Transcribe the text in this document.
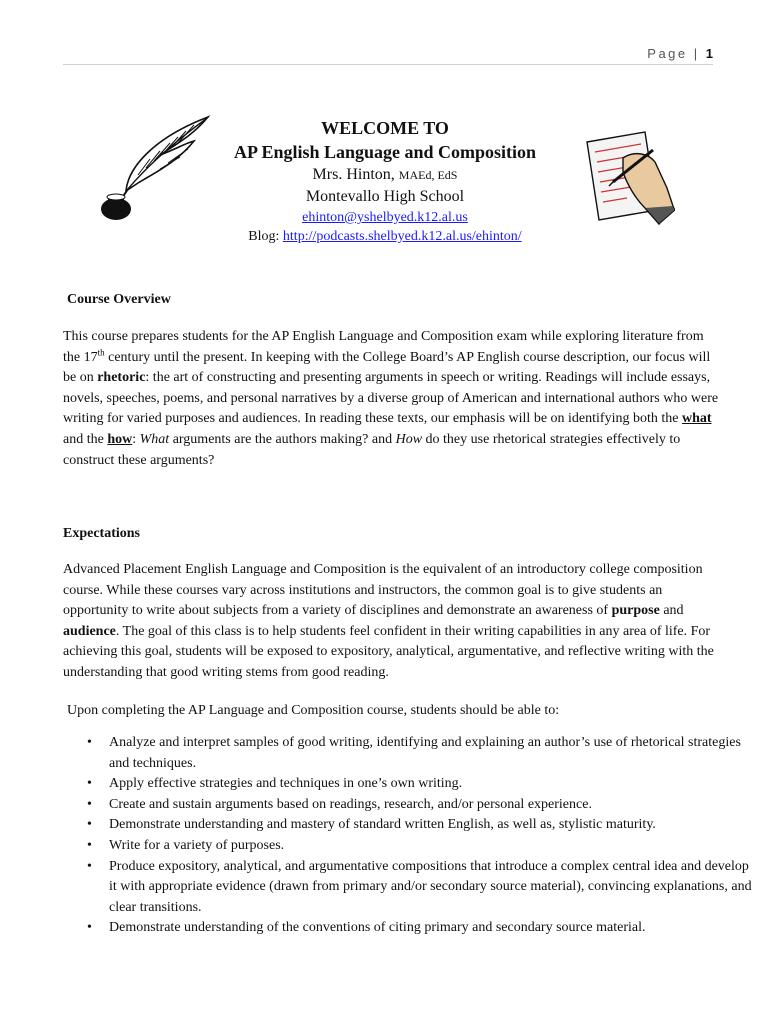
Page | 1
WELCOME TO
AP English Language and Composition
Mrs. Hinton, MAEd, EdS
Montevallo High School
ehinton@yshelbyed.k12.al.us
Blog: http://podcasts.shelbyed.k12.al.us/ehinton/
Course Overview

This course prepares students for the AP English Language and Composition exam while exploring literature from the 17th century until the present. In keeping with the College Board’s AP English course description, our focus will be on rhetoric: the art of constructing and presenting arguments in speech or writing. Readings will include essays, novels, speeches, poems, and personal narratives by a diverse group of American and international authors who were writing for varied purposes and audiences. In reading these texts, our emphasis will be on identifying both the what and the how: What arguments are the authors making? and How do they use rhetorical strategies effectively to construct these arguments?

Expectations

Advanced Placement English Language and Composition is the equivalent of an introductory college composition course. While these courses vary across institutions and instructors, the common goal is to give students an opportunity to write about subjects from a variety of disciplines and demonstrate an awareness of purpose and audience. The goal of this class is to help students feel confident in their writing capabilities in any area of life. For achieving this goal, students will be exposed to expository, analytical, argumentative, and reflective writing with the understanding that good writing stems from good reading.

Upon completing the AP Language and Composition course, students should be able to:

• Analyze and interpret samples of good writing, identifying and explaining an author’s use of rhetorical strategies and techniques.
• Apply effective strategies and techniques in one’s own writing.
• Create and sustain arguments based on readings, research, and/or personal experience.
• Demonstrate understanding and mastery of standard written English, as well as, stylistic maturity.
• Write for a variety of purposes.
• Produce expository, analytical, and argumentative compositions that introduce a complex central idea and develop it with appropriate evidence (drawn from primary and/or secondary source material), convincing explanations, and clear transitions.
• Demonstrate understanding of the conventions of citing primary and secondary source material.
